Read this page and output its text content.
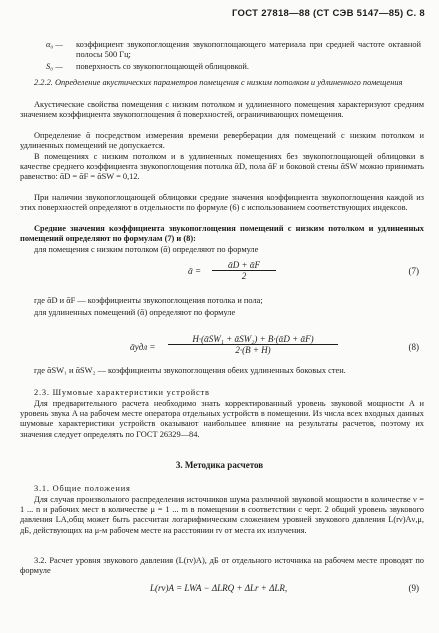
ГОСТ 27818—88 (СТ СЭВ 5147—85) С. 8
α₀ — коэффициент звукопоглощения звукопоглощающего материала при средней частоте октавной полосы 500 Гц;
S₀ — поверхность со звукопоглощающей облицовкой.
2.2.2. Определение акустических параметров помещения с низким потолком и удлиненного помещения
Акустические свойства помещения с низким потолком и удлиненного помещения характеризуют средним значением коэффициента звукопоглощения ᾱ поверхностей, ограничивающих помещения.
Определение ᾱ посредством измерения времени реверберации для помещений с низким потолком и удлиненных помещений не допускается.
В помещениях с низким потолком и в удлиненных помещениях без звукопоглощающей облицовки в качестве среднего коэффициента звукопоглощения потолка ᾱD, пола ᾱF и боковой стены ᾱSW можно принимать равенство: ᾱD = ᾱF = ᾱSW = 0,12.
При наличии звукопоглощающей облицовки средние значения коэффициента звукопоглощения каждой из этих поверхностей определяют в отдельности по формуле (6) с использованием соответствующих индексов.
Средние значения коэффициента звукопоглощения помещений с низким потолком и удлиненных помещений определяют по формулам (7) и (8):
для помещения с низким потолком (ᾱ) определяют по формуле
ᾱ =
ᾱD + ᾱF
2	(7)
где ᾱD и ᾱF — коэффициенты звукопоглощения потолка и пола;
для удлиненных помещений (ᾱ) определяют по формуле
ᾱудл =
H·(ᾱSW₁ + ᾱSW₂) + B·(ᾱD + ᾱF)
2·(B + H)	(8)
где ᾱSW₁ и ᾱSW₂ — коэффициенты звукопоглощения обеих удлиненных боковых стен.
2.3. Шумовые характеристики устройств
Для предварительного расчета необходимо знать корректированный уровень звуковой мощности A и уровень звука A на рабочем месте оператора отдельных устройств в помещении. Из числа всех входных данных шумовые характеристики устройств оказывают наибольшее влияние на результаты расчетов, поэтому их значения следует определять по ГОСТ 26329—84.
3. Методика расчетов
3.1. Общие положения
Для случая произвольного распределения источников шума различной звуковой мощности в количестве ν = 1 ... n и рабочих мест в количестве μ = 1 ... m в помещении в соответствии с черт. 2 общий уровень звукового давления LA,общ может быть рассчитан логарифмическим сложением уровней звукового давления L(rν)Aν,μ, дБ, действующих на μ-м рабочем месте на расстоянии rν от места их излучения.
3.2. Расчет уровня звукового давления (L(rν)A), дБ от отдельного источника на рабочем месте проводят по формуле
L(rν)A = LWA − ΔLRQ + ΔLr + ΔLR,	(9)
